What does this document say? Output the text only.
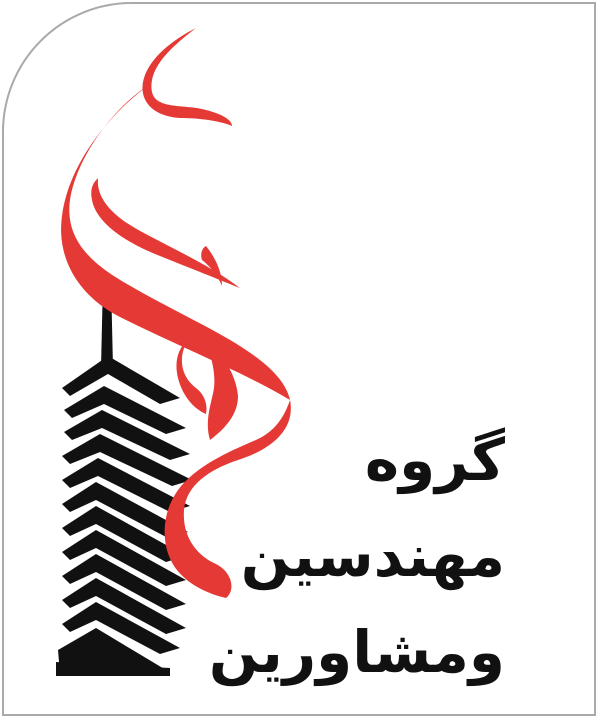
گروه
مهندسین
ومشاورین
